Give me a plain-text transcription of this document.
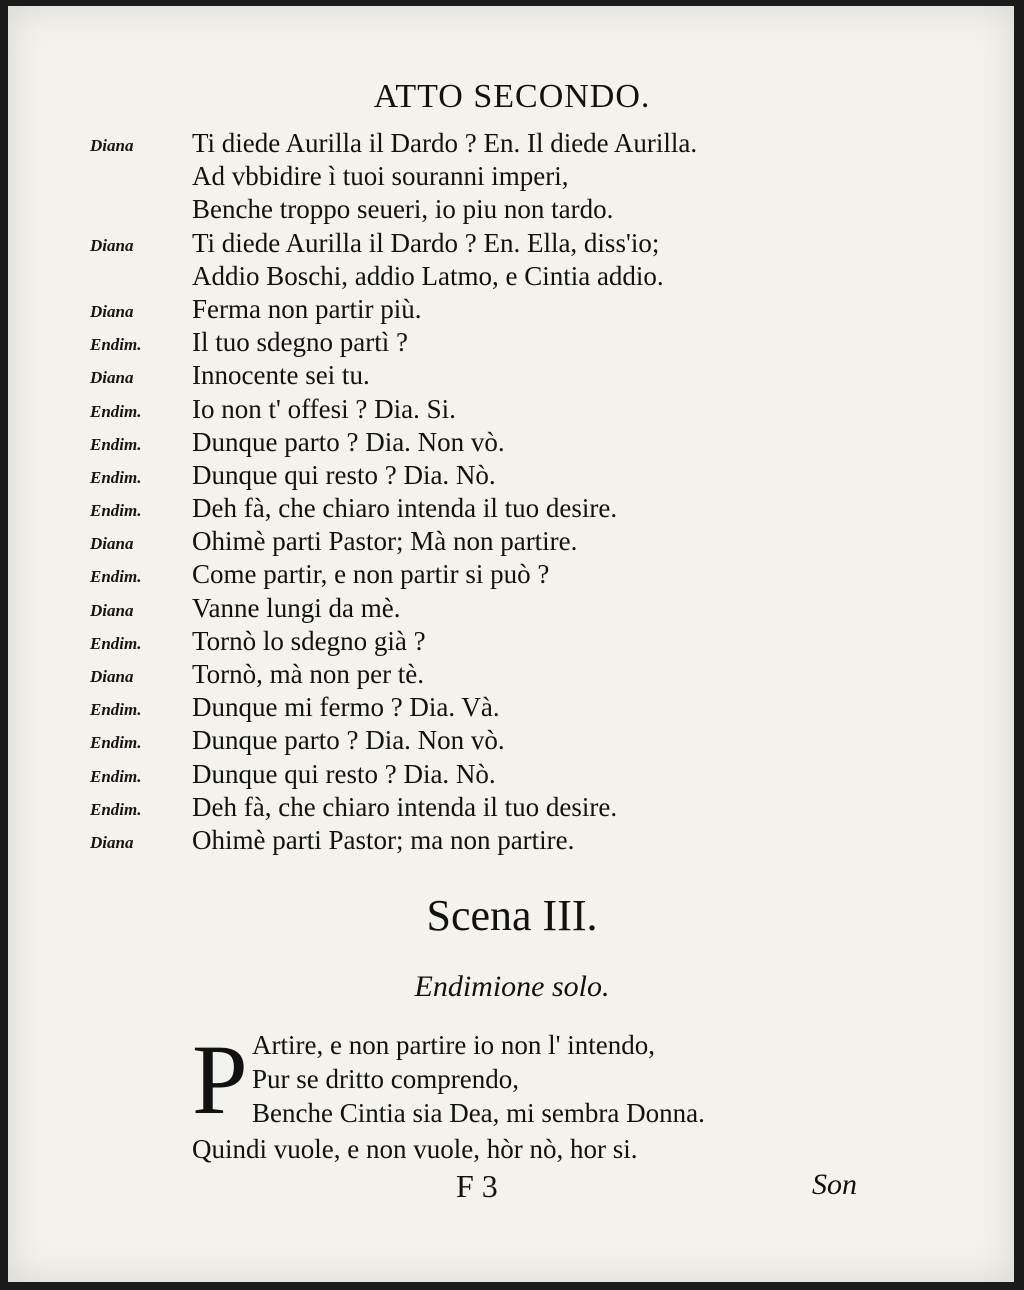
ATTO SECONDO.
Diana Ti diede Aurilla il Dardo ? En. Il diede Aurilla.
Ad vbbidire ì tuoi souranni imperi,
Benche troppo seueri, io piu non tardo.
Diana Ti diede Aurilla il Dardo ? En. Ella, diss'io;
Addio Boschi, addio Latmo, e Cintia addio.
Diana Ferma non partir più.
Endim. Il tuo sdegno partì ?
Diana Innocente sei tu.
Endim. Io non t' offesi ? Dia. Si.
Endim. Dunque parto ? Dia. Non vò.
Endim. Dunque qui resto ? Dia. Nò.
Endim. Deh fà, che chiaro intenda il tuo desire.
Diana Ohimè parti Pastor; Mà non partire.
Endim. Come partir, e non partir si può ?
Diana Vanne lungi da mè.
Endim. Tornò lo sdegno già ?
Diana Tornò, mà non per tè.
Endim. Dunque mi fermo ? Dia. Và.
Endim. Dunque parto ? Dia. Non vò.
Endim. Dunque qui resto ? Dia. Nò.
Endim. Deh fà, che chiaro intenda il tuo desire.
Diana Ohimè parti Pastor; ma non partire.
Scena III.
Endimione solo.
P Artire, e non partire io non l' intendo,
Pur se dritto comprendo,
Benche Cintia sia Dea, mi sembra Donna.
Quindi vuole, e non vuole, hòr nò, hor si.
F 3	Son
